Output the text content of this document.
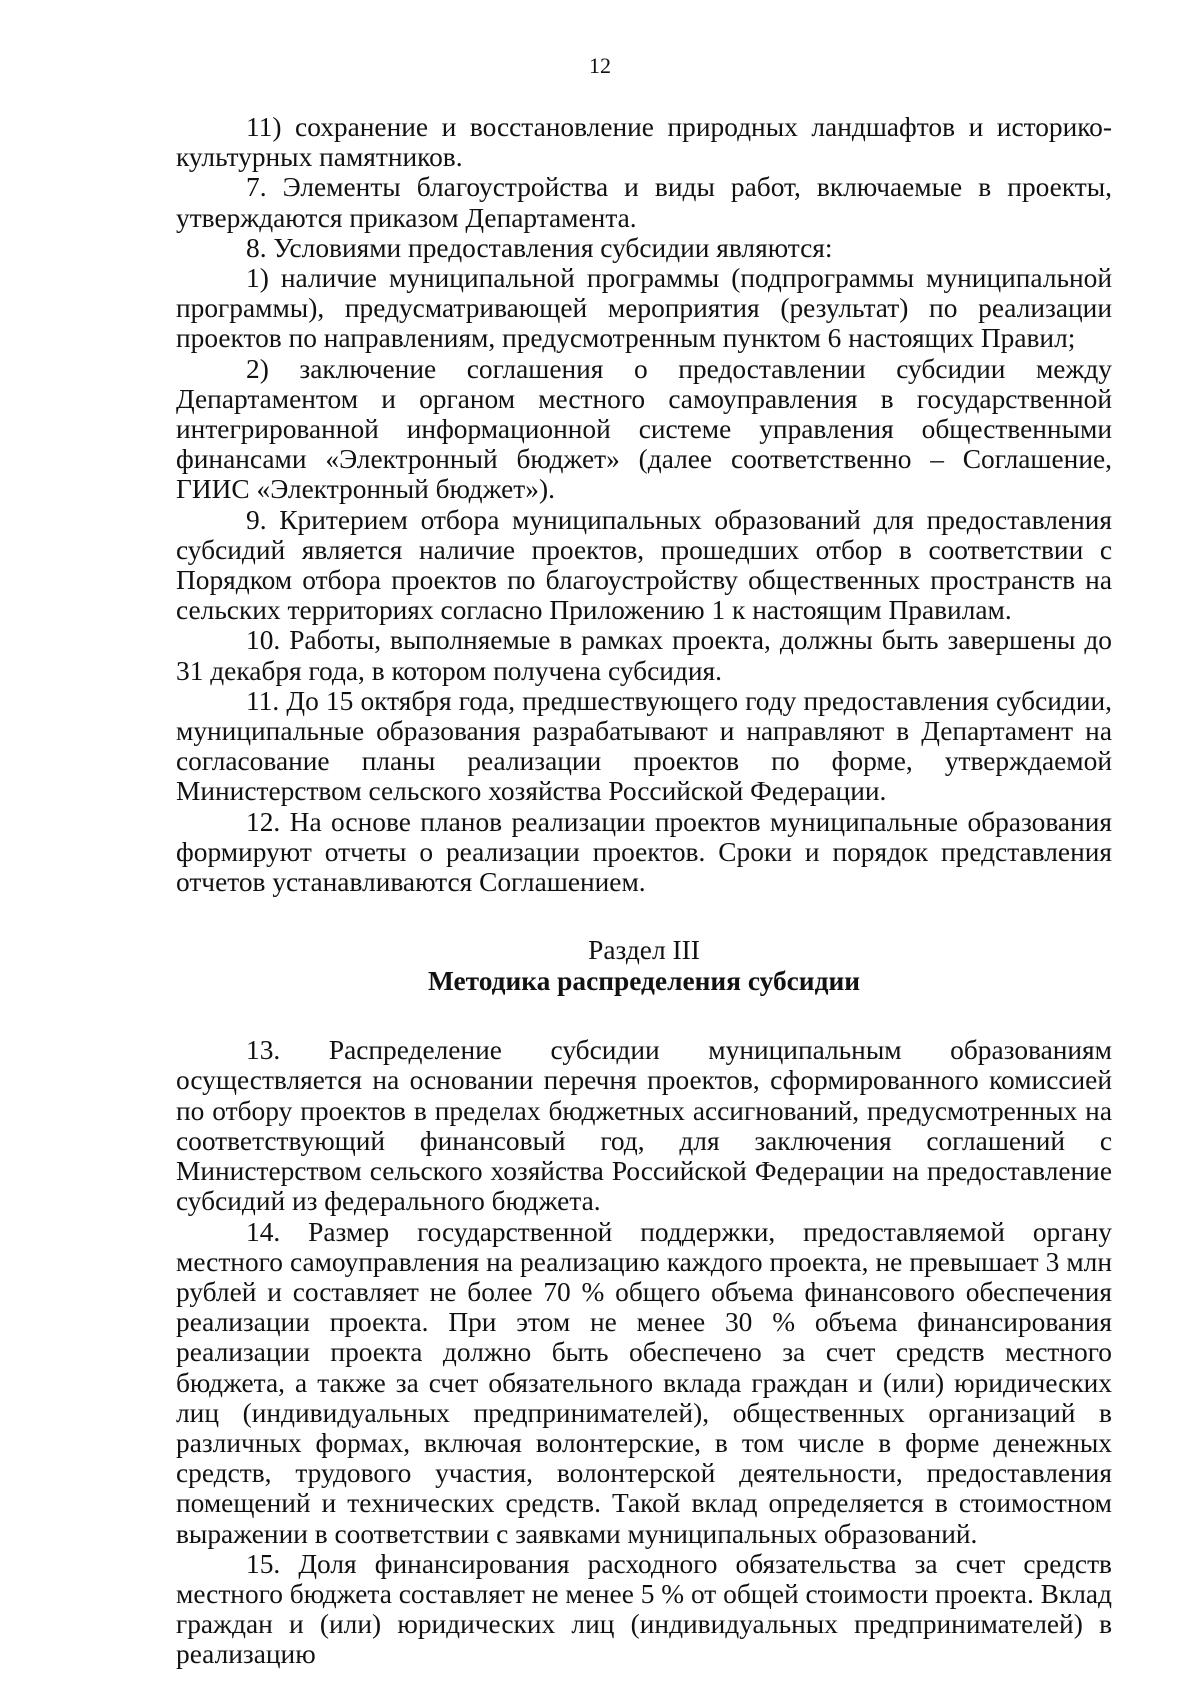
12

11) сохранение и восстановление природных ландшафтов и историко-культурных памятников.

7. Элементы благоустройства и виды работ, включаемые в проекты, утверждаются приказом Департамента.

8. Условиями предоставления субсидии являются:

1) наличие муниципальной программы (подпрограммы муниципальной программы), предусматривающей мероприятия (результат) по реализации проектов по направлениям, предусмотренным пунктом 6 настоящих Правил;

2) заключение соглашения о предоставлении субсидии между Департаментом и органом местного самоуправления в государственной интегрированной информационной системе управления общественными финансами «Электронный бюджет» (далее соответственно – Соглашение, ГИИС «Электронный бюджет»).

9. Критерием отбора муниципальных образований для предоставления субсидий является наличие проектов, прошедших отбор в соответствии с Порядком отбора проектов по благоустройству общественных пространств на сельских территориях согласно Приложению 1 к настоящим Правилам.

10. Работы, выполняемые в рамках проекта, должны быть завершены до 31 декабря года, в котором получена субсидия.

11. До 15 октября года, предшествующего году предоставления субсидии, муниципальные образования разрабатывают и направляют в Департамент на согласование планы реализации проектов по форме, утверждаемой Министерством сельского хозяйства Российской Федерации.

12. На основе планов реализации проектов муниципальные образования формируют отчеты о реализации проектов. Сроки и порядок представления отчетов устанавливаются Соглашением.

Раздел III
Методика распределения субсидии

13. Распределение субсидии муниципальным образованиям осуществляется на основании перечня проектов, сформированного комиссией по отбору проектов в пределах бюджетных ассигнований, предусмотренных на соответствующий финансовый год, для заключения соглашений с Министерством сельского хозяйства Российской Федерации на предоставление субсидий из федерального бюджета.

14. Размер государственной поддержки, предоставляемой органу местного самоуправления на реализацию каждого проекта, не превышает 3 млн рублей и составляет не более 70 % общего объема финансового обеспечения реализации проекта. При этом не менее 30 % объема финансирования реализации проекта должно быть обеспечено за счет средств местного бюджета, а также за счет обязательного вклада граждан и (или) юридических лиц (индивидуальных предпринимателей), общественных организаций в различных формах, включая волонтерские, в том числе в форме денежных средств, трудового участия, волонтерской деятельности, предоставления помещений и технических средств. Такой вклад определяется в стоимостном выражении в соответствии с заявками муниципальных образований.

15. Доля финансирования расходного обязательства за счет средств местного бюджета составляет не менее 5 % от общей стоимости проекта. Вклад граждан и (или) юридических лиц (индивидуальных предпринимателей) в реализацию
